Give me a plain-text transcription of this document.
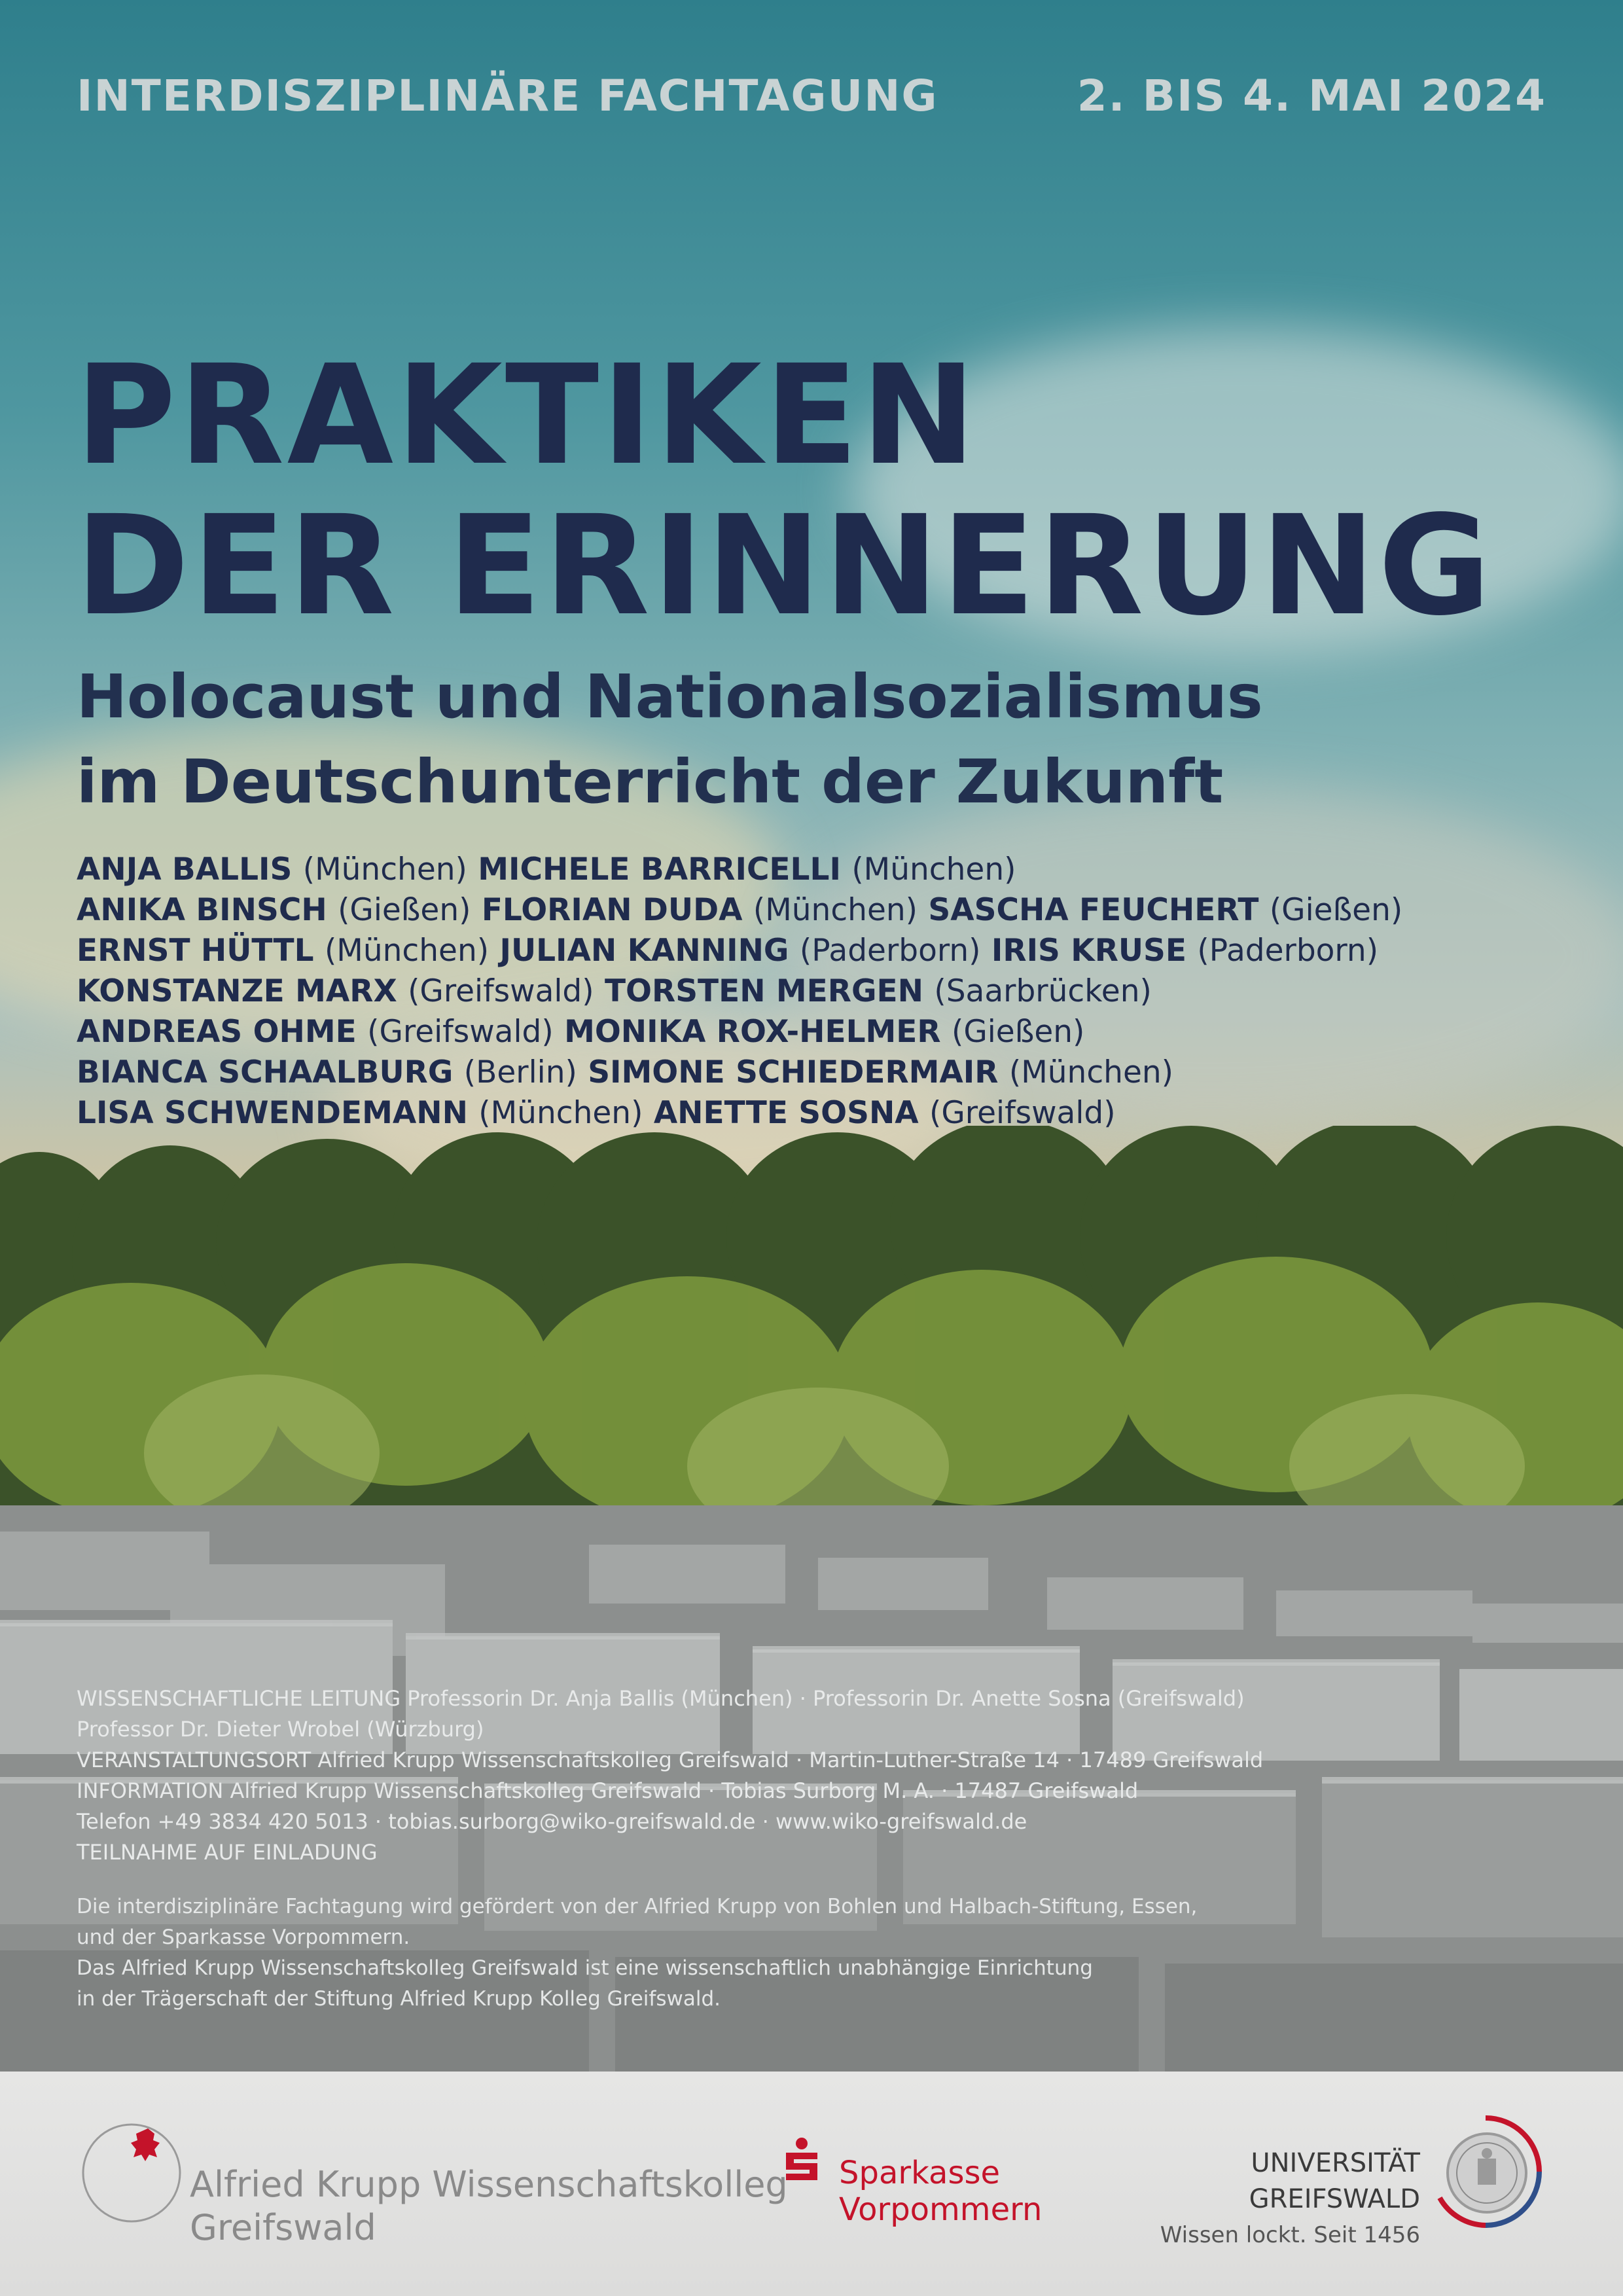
INTERDISZIPLINÄRE FACHTAGUNG	2. BIS 4. MAI 2024
PRAKTIKEN
DER ERINNERUNG
Holocaust und Nationalsozialismus
im Deutschunterricht der Zukunft
ANJA BALLIS (München) MICHELE BARRICELLI (München)
ANIKA BINSCH (Gießen) FLORIAN DUDA (München) SASCHA FEUCHERT (Gießen)
ERNST HÜTTL (München) JULIAN KANNING (Paderborn) IRIS KRUSE (Paderborn)
KONSTANZE MARX (Greifswald) TORSTEN MERGEN (Saarbrücken)
ANDREAS OHME (Greifswald) MONIKA ROX-HELMER (Gießen)
BIANCA SCHAALBURG (Berlin) SIMONE SCHIEDERMAIR (München)
LISA SCHWENDEMANN (München) ANETTE SOSNA (Greifswald)
WISSENSCHAFTLICHE LEITUNG Professorin Dr. Anja Ballis (München) · Professorin Dr. Anette Sosna (Greifswald)
Professor Dr. Dieter Wrobel (Würzburg)
VERANSTALTUNGSORT Alfried Krupp Wissenschaftskolleg Greifswald · Martin-Luther-Straße 14 · 17489 Greifswald
INFORMATION Alfried Krupp Wissenschaftskolleg Greifswald · Tobias Surborg M. A. · 17487 Greifswald
Telefon +49 3834 420 5013 · tobias.surborg@wiko-greifswald.de · www.wiko-greifswald.de
TEILNAHME AUF EINLADUNG
Die interdisziplinäre Fachtagung wird gefördert von der Alfried Krupp von Bohlen und Halbach-Stiftung, Essen,
und der Sparkasse Vorpommern.
Das Alfried Krupp Wissenschaftskolleg Greifswald ist eine wissenschaftlich unabhängige Einrichtung
in der Trägerschaft der Stiftung Alfried Krupp Kolleg Greifswald.
Alfried Krupp Wissenschaftskolleg
Greifswald
Sparkasse
Vorpommern
UNIVERSITÄT GREIFSWALD
Wissen lockt. Seit 1456
